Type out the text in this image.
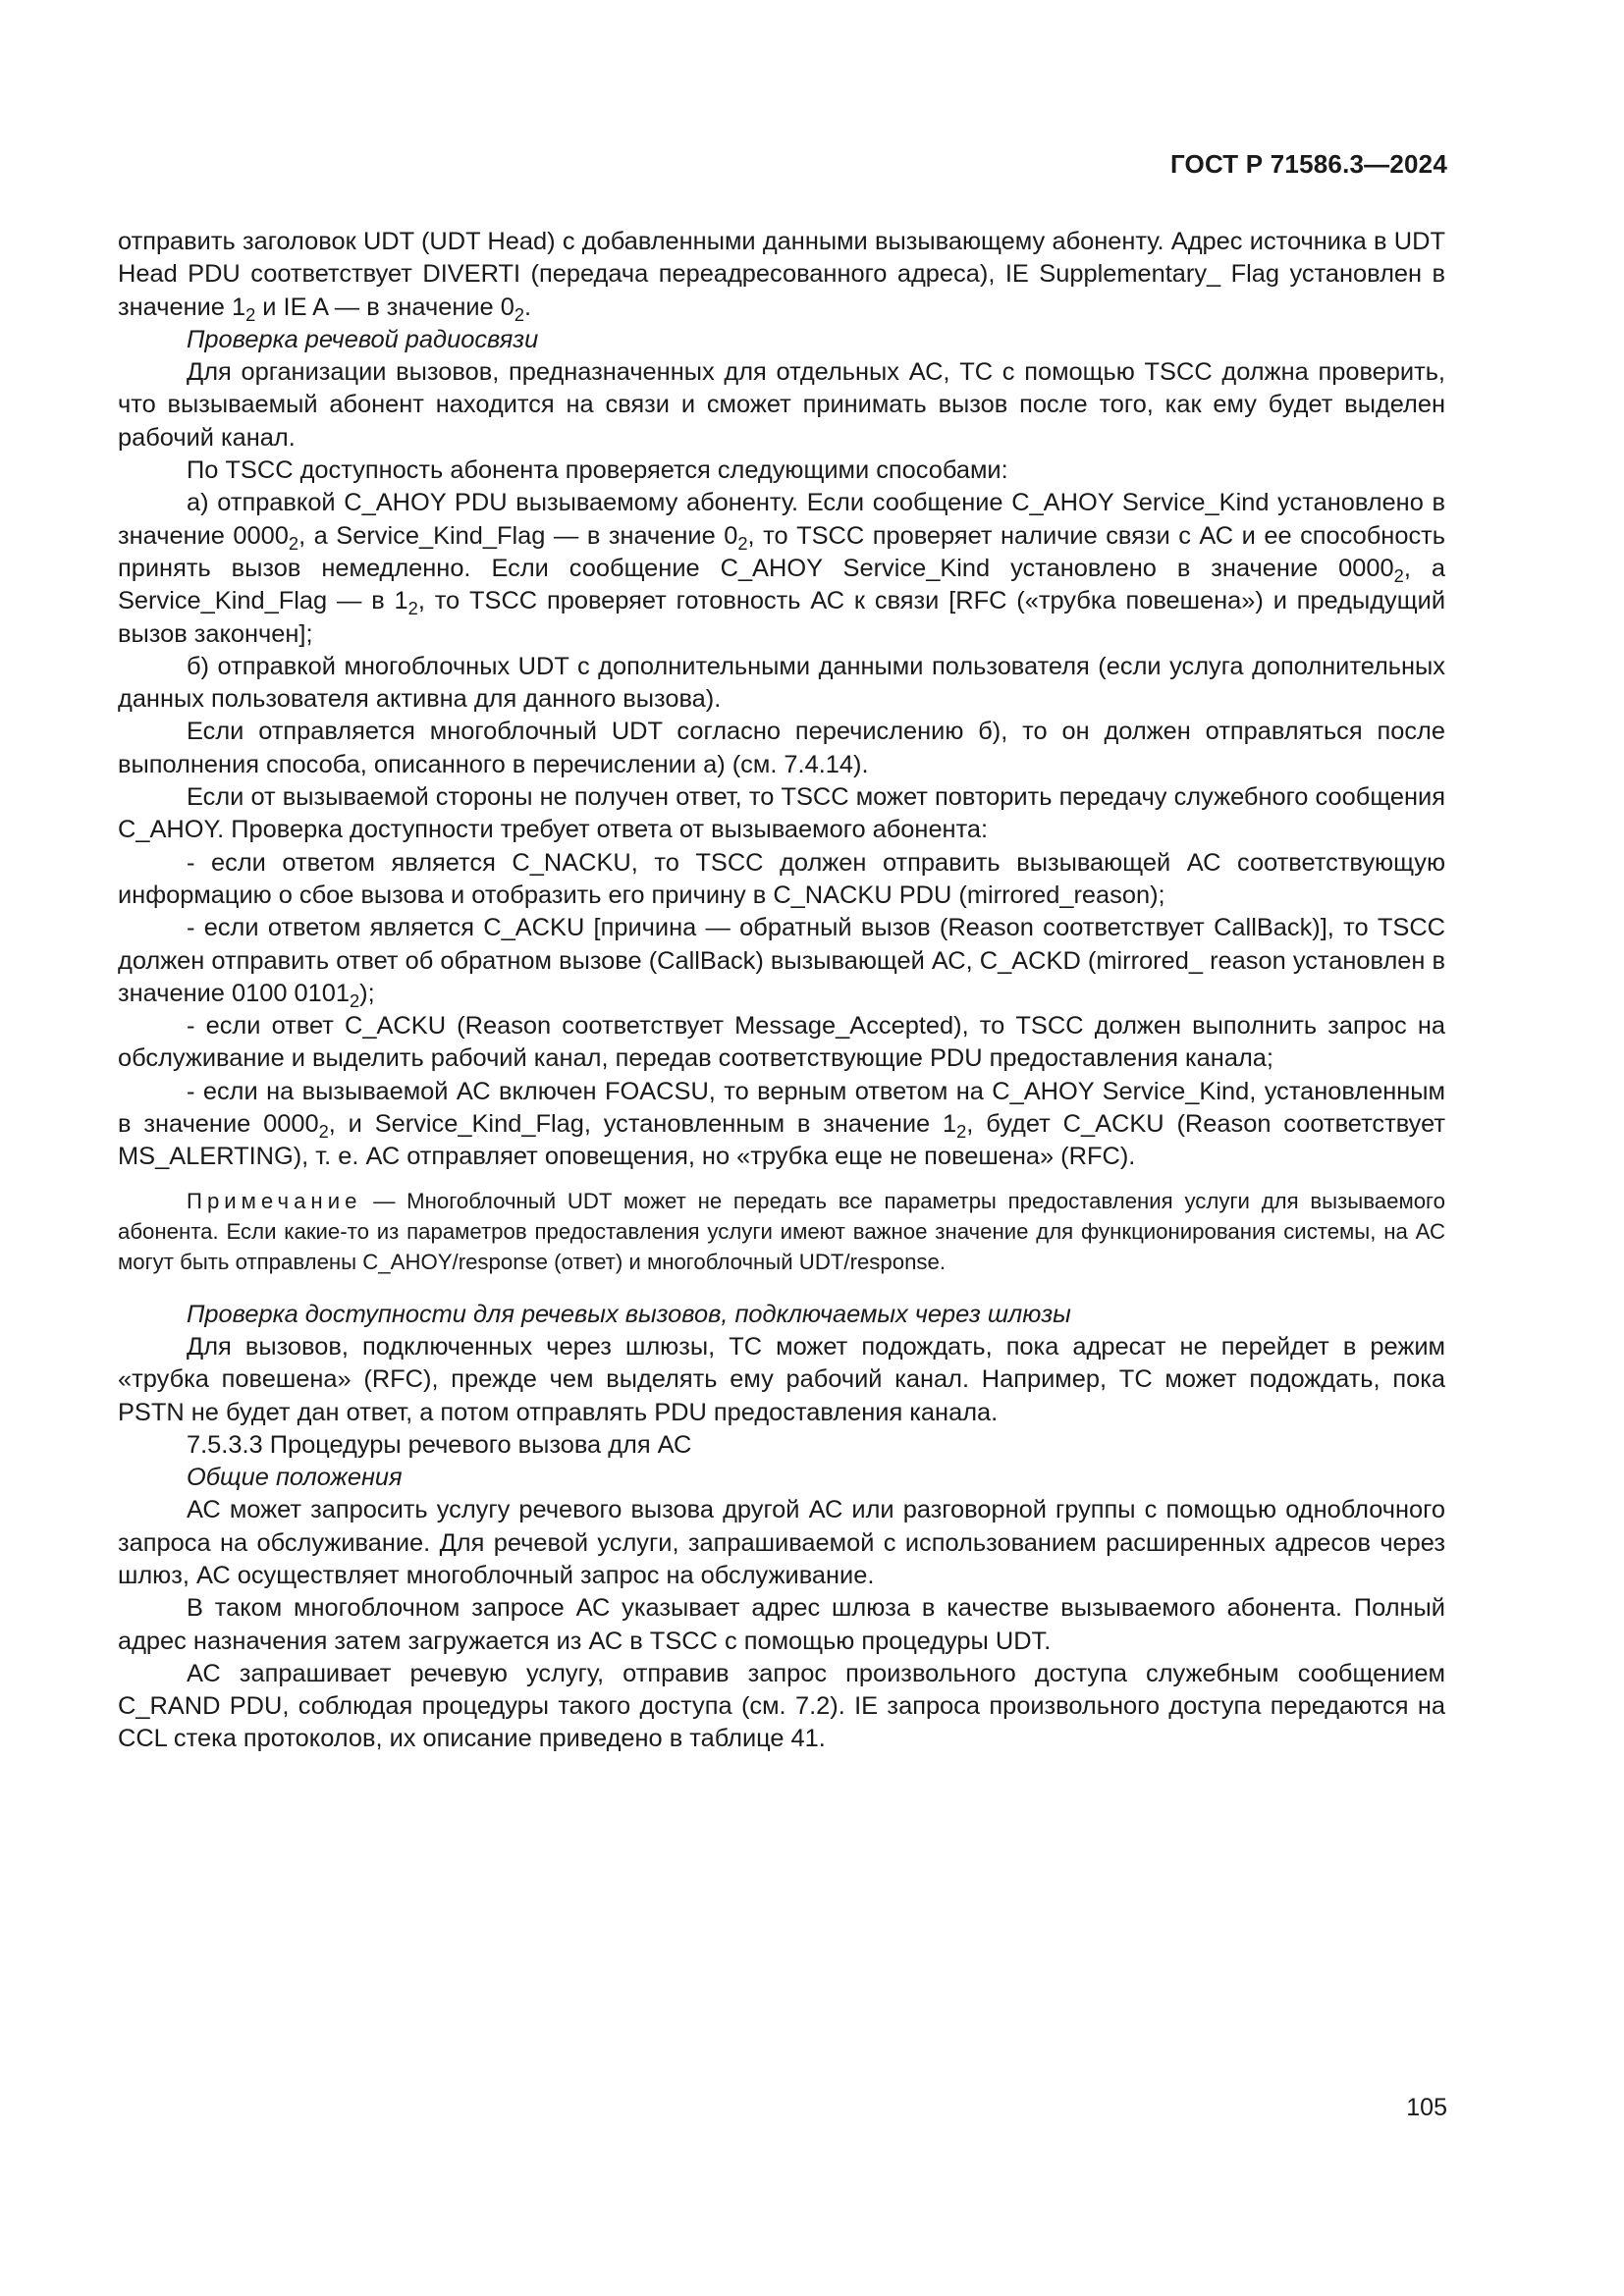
ГОСТ Р 71586.3—2024

отправить заголовок UDT (UDT Head) с добавленными данными вызывающему абоненту. Адрес источника в UDT Head PDU соответствует DIVERTI (передача переадресованного адреса), IE Supplementary_ Flag установлен в значение $1_2$ и IE A — в значение $0_2$.

Проверка речевой радиосвязи

Для организации вызовов, предназначенных для отдельных АС, ТС с помощью TSCC должна проверить, что вызываемый абонент находится на связи и сможет принимать вызов после того, как ему будет выделен рабочий канал.

По TSCC доступность абонента проверяется следующими способами:

а) отправкой C_AHOY PDU вызываемому абоненту. Если сообщение C_AHOY Service_Kind установлено в значение $0000_2$, а Service_Kind_Flag — в значение $0_2$, то TSCC проверяет наличие связи с АС и ее способность принять вызов немедленно. Если сообщение C_AHOY Service_Kind установлено в значение $0000_2$, а Service_Kind_Flag — в $1_2$, то TSCC проверяет готовность АС к связи [RFC («трубка повешена») и предыдущий вызов закончен];

б) отправкой многоблочных UDT с дополнительными данными пользователя (если услуга дополнительных данных пользователя активна для данного вызова).

Если отправляется многоблочный UDT согласно перечислению б), то он должен отправляться после выполнения способа, описанного в перечислении а) (см. 7.4.14).

Если от вызываемой стороны не получен ответ, то TSCC может повторить передачу служебного сообщения C_AHOY. Проверка доступности требует ответа от вызываемого абонента:

- если ответом является C_NACKU, то TSCC должен отправить вызывающей АС соответствующую информацию о сбое вызова и отобразить его причину в C_NACKU PDU (mirrored_reason);

- если ответом является C_ACKU [причина — обратный вызов (Reason соответствует CallBack)], то TSCC должен отправить ответ об обратном вызове (CallBack) вызывающей АС, C_ACKD (mirrored_ reason установлен в значение 0100 $0101_2$);

- если ответ C_ACKU (Reason соответствует Message_Accepted), то TSCC должен выполнить запрос на обслуживание и выделить рабочий канал, передав соответствующие PDU предоставления канала;

- если на вызываемой АС включен FOACSU, то верным ответом на C_AHOY Service_Kind, установленным в значение $0000_2$, и Service_Kind_Flag, установленным в значение $1_2$, будет C_ACKU (Reason соответствует MS_ALERTING), т. е. АС отправляет оповещения, но «трубка еще не повешена» (RFC).

Примечание — Многоблочный UDT может не передать все параметры предоставления услуги для вызываемого абонента. Если какие-то из параметров предоставления услуги имеют важное значение для функционирования системы, на АС могут быть отправлены C_AHOY/response (ответ) и многоблочный UDT/response.

Проверка доступности для речевых вызовов, подключаемых через шлюзы

Для вызовов, подключенных через шлюзы, ТС может подождать, пока адресат не перейдет в режим «трубка повешена» (RFC), прежде чем выделять ему рабочий канал. Например, ТС может подождать, пока PSTN не будет дан ответ, а потом отправлять PDU предоставления канала.

7.5.3.3 Процедуры речевого вызова для АС

Общие положения

АС может запросить услугу речевого вызова другой АС или разговорной группы с помощью одноблочного запроса на обслуживание. Для речевой услуги, запрашиваемой с использованием расширенных адресов через шлюз, АС осуществляет многоблочный запрос на обслуживание.

В таком многоблочном запросе АС указывает адрес шлюза в качестве вызываемого абонента. Полный адрес назначения затем загружается из АС в TSCC с помощью процедуры UDT.

АС запрашивает речевую услугу, отправив запрос произвольного доступа служебным сообщением C_RAND PDU, соблюдая процедуры такого доступа (см. 7.2). IE запроса произвольного доступа передаются на CCL стека протоколов, их описание приведено в таблице 41.

105
